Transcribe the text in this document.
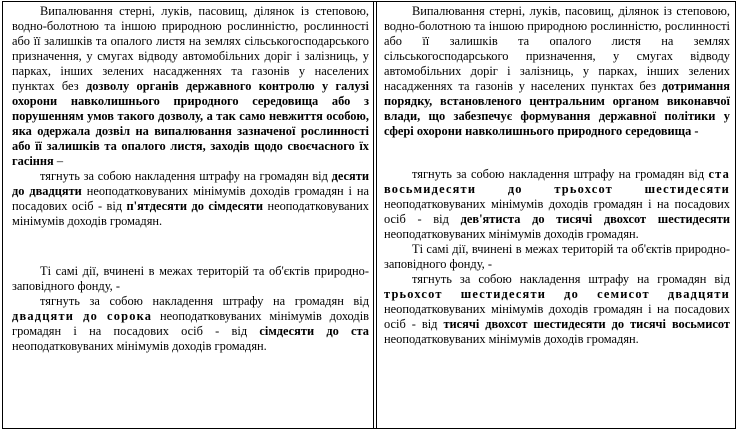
Випалювання стерні, луків, пасовищ, ділянок із степовою, водно-болотною та іншою природною рослинністю, рослинності або її залишків та опалого листя на землях сільськогосподарського призначення, у смугах відводу автомобільних доріг і залізниць, у парках, інших зелених насадженнях та газонів у населених пунктах без дозволу органів державного контролю у галузі охорони навколишнього природного середовища або з порушенням умов такого дозволу, а так само невжиття особою, яка одержала дозвіл на випалювання зазначеної рослинності або її залишків та опалого листя, заходів щодо своєчасного їх гасіння –

тягнуть за собою накладення штрафу на громадян від десяти до двадцяти неоподатковуваних мінімумів доходів громадян і на посадових осіб - від п'ятдесяти до сімдесяти неоподатковуваних мінімумів доходів громадян.

Ті самі дії, вчинені в межах територій та об'єктів природно-заповідного фонду, -

тягнуть за собою накладення штрафу на громадян від двадцяти до сорока неоподатковуваних мінімумів доходів громадян і на посадових осіб - від сімдесяти до ста неоподатковуваних мінімумів доходів громадян.

Випалювання стерні, луків, пасовищ, ділянок із степовою, водно-болотною та іншою природною рослинністю, рослинності або її залишків та опалого листя на землях сільськогосподарського призначення, у смугах відводу автомобільних доріг і залізниць, у парках, інших зелених насадженнях та газонів у населених пунктах без дотримання порядку, встановленого центральним органом виконавчої влади, що забезпечує формування державної політики у сфері охорони навколишнього природного середовища -

тягнуть за собою накладення штрафу на громадян від ста восьмидесяти до трьохсот шестидесяти неоподатковуваних мінімумів доходів громадян і на посадових осіб - від дев'ятиста до тисячі двохсот шестидесяти неоподатковуваних мінімумів доходів громадян.

Ті самі дії, вчинені в межах територій та об'єктів природно-заповідного фонду, -

тягнуть за собою накладення штрафу на громадян від трьохсот шестидесяти до семисот двадцяти неоподатковуваних мінімумів доходів громадян і на посадових осіб - від тисячі двохсот шестидесяти до тисячі восьмисот неоподатковуваних мінімумів доходів громадян.
